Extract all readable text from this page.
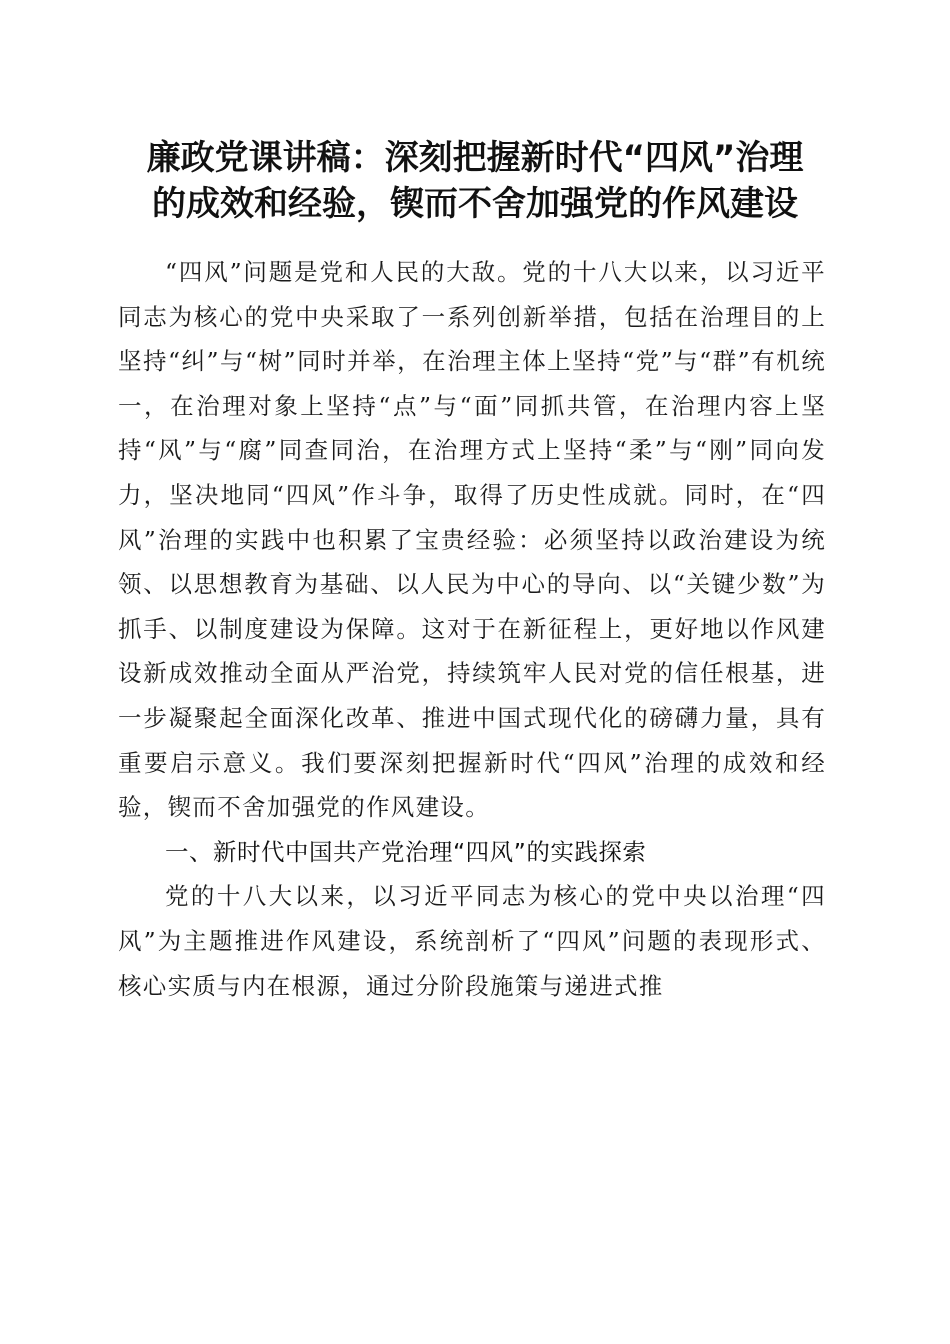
廉政党课讲稿：深刻把握新时代“四风”治理
的成效和经验，锲而不舍加强党的作风建设

“四风”问题是党和人民的大敌。党的十八大以来，以习近平同志为核心的党中央采取了一系列创新举措，包括在治理目的上坚持“纠”与“树”同时并举，在治理主体上坚持“党”与“群”有机统一，在治理对象上坚持“点”与“面”同抓共管，在治理内容上坚持“风”与“腐”同查同治，在治理方式上坚持“柔”与“刚”同向发力，坚决地同“四风”作斗争，取得了历史性成就。同时，在“四风”治理的实践中也积累了宝贵经验：必须坚持以政治建设为统领、以思想教育为基础、以人民为中心的导向、以“关键少数”为抓手、以制度建设为保障。这对于在新征程上，更好地以作风建设新成效推动全面从严治党，持续筑牢人民对党的信任根基，进一步凝聚起全面深化改革、推进中国式现代化的磅礴力量，具有重要启示意义。我们要深刻把握新时代“四风”治理的成效和经验，锲而不舍加强党的作风建设。

一、新时代中国共产党治理“四风”的实践探索

党的十八大以来，以习近平同志为核心的党中央以治理“四风”为主题推进作风建设，系统剖析了“四风”问题的表现形式、核心实质与内在根源，通过分阶段施策与递进式推
